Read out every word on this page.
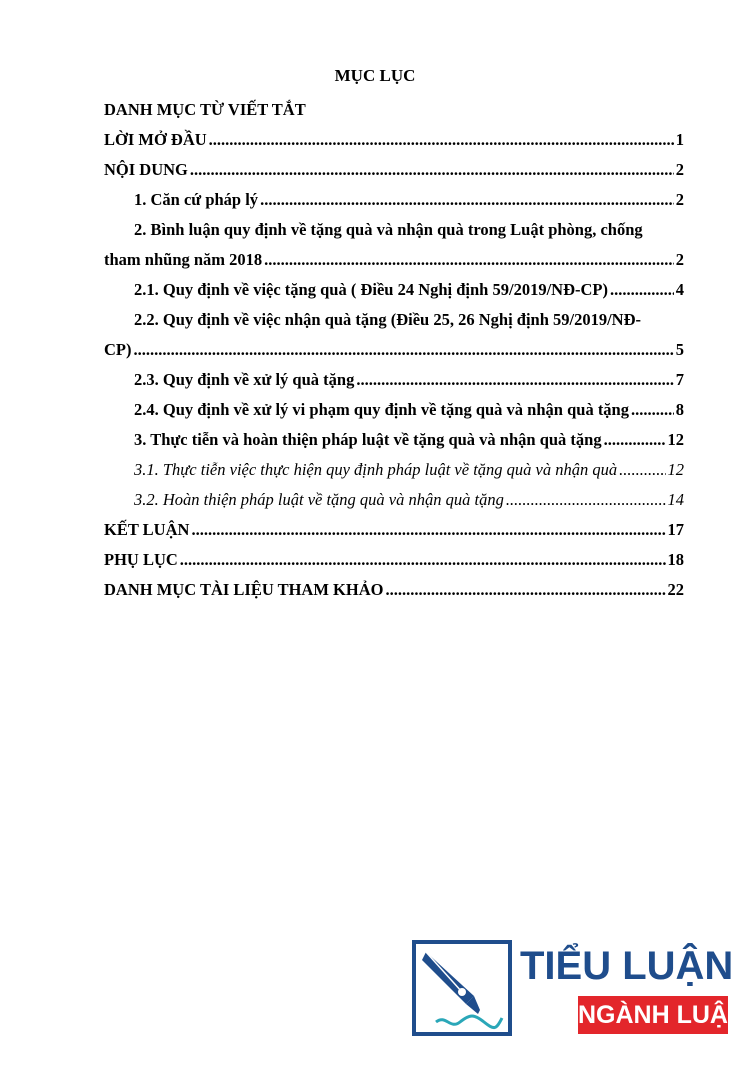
MỤC LỤC
DANH MỤC TỪ VIẾT TẮT
LỜI MỞ ĐẦU .....	1
NỘI DUNG .....	2
1. Căn cứ pháp lý .....	2
2. Bình luận quy định về tặng quà và nhận quà trong Luật phòng, chống
tham nhũng năm 2018 .....	2
2.1. Quy định về việc tặng quà ( Điều 24 Nghị định 59/2019/NĐ-CP) .....	4
2.2. Quy định về việc nhận quà tặng (Điều 25, 26 Nghị định 59/2019/NĐ-
CP) .....	5
2.3. Quy định về xử lý quà tặng .....	7
2.4. Quy định về xử lý vi phạm quy định về tặng quà và nhận quà tặng .....	8
3. Thực tiễn và hoàn thiện pháp luật về tặng quà và nhận quà tặng .....	12
3.1. Thực tiễn việc thực hiện quy định pháp luật về tặng quà và nhận quà .....	12
3.2. Hoàn thiện pháp luật về tặng quà và nhận quà tặng .....	14
KẾT LUẬN .....	17
PHỤ LỤC .....	18
DANH MỤC TÀI LIỆU THAM KHẢO .....	22
TIỂU LUẬN
NGÀNH LUẬT
